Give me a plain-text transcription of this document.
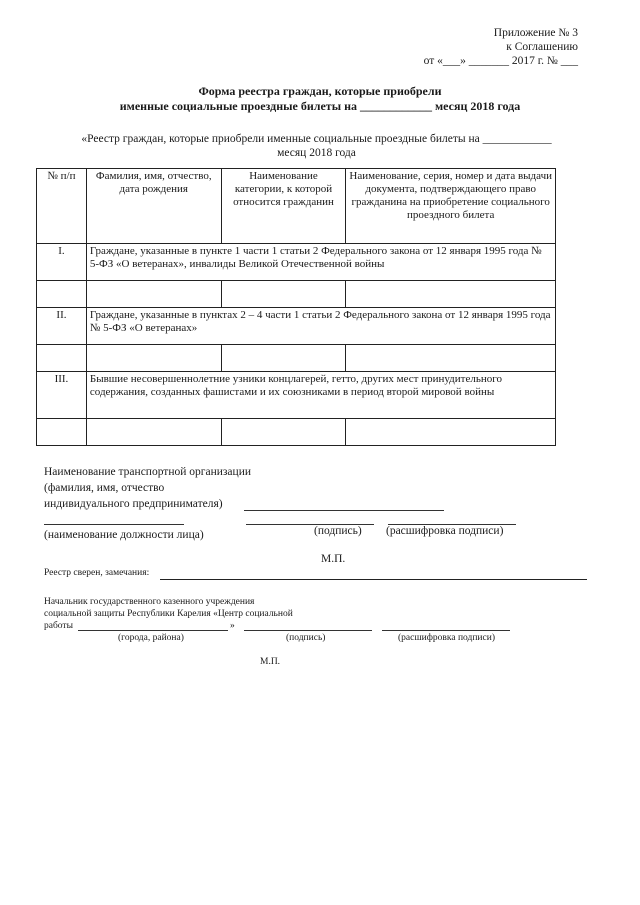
Приложение № 3
к Соглашению
от «___» _______ 2017 г. № ___
Форма реестра граждан, которые приобрели
именные социальные проездные билеты на ____________ месяц 2018 года
«Реестр граждан, которые приобрели именные социальные проездные билеты на ____________
месяц 2018 года
№ п/п	Фамилия, имя, отчество, дата рождения	Наименование категории, к которой относится гражданин	Наименование, серия, номер и дата выдачи документа, подтверждающего право гражданина на приобретение социального проездного билета
I.	Граждане, указанные в пункте 1 части 1 статьи 2 Федерального закона от 12 января 1995 года № 5-ФЗ «О ветеранах», инвалиды Великой Отечественной войны		

II.	Граждане, указанные в пунктах 2 – 4 части 1 статьи 2 Федерального закона от 12 января 1995 года № 5-ФЗ «О ветеранах»		

III.	Бывшие несовершеннолетние узники концлагерей, гетто, других мест принудительного содержания, созданных фашистами и их союзниками в период второй мировой войны		

Наименование транспортной организации
(фамилия, имя, отчество
индивидуального предпринимателя)
(наименование должности лица)	(подпись) (расшифровка подписи)
М.П.
Реестр сверен, замечания:
Начальник государственного казенного учреждения
социальной защиты Республики Карелия «Центр социальной
работы	»
(города, района)	(подпись)	(расшифровка подписи)
М.П.
